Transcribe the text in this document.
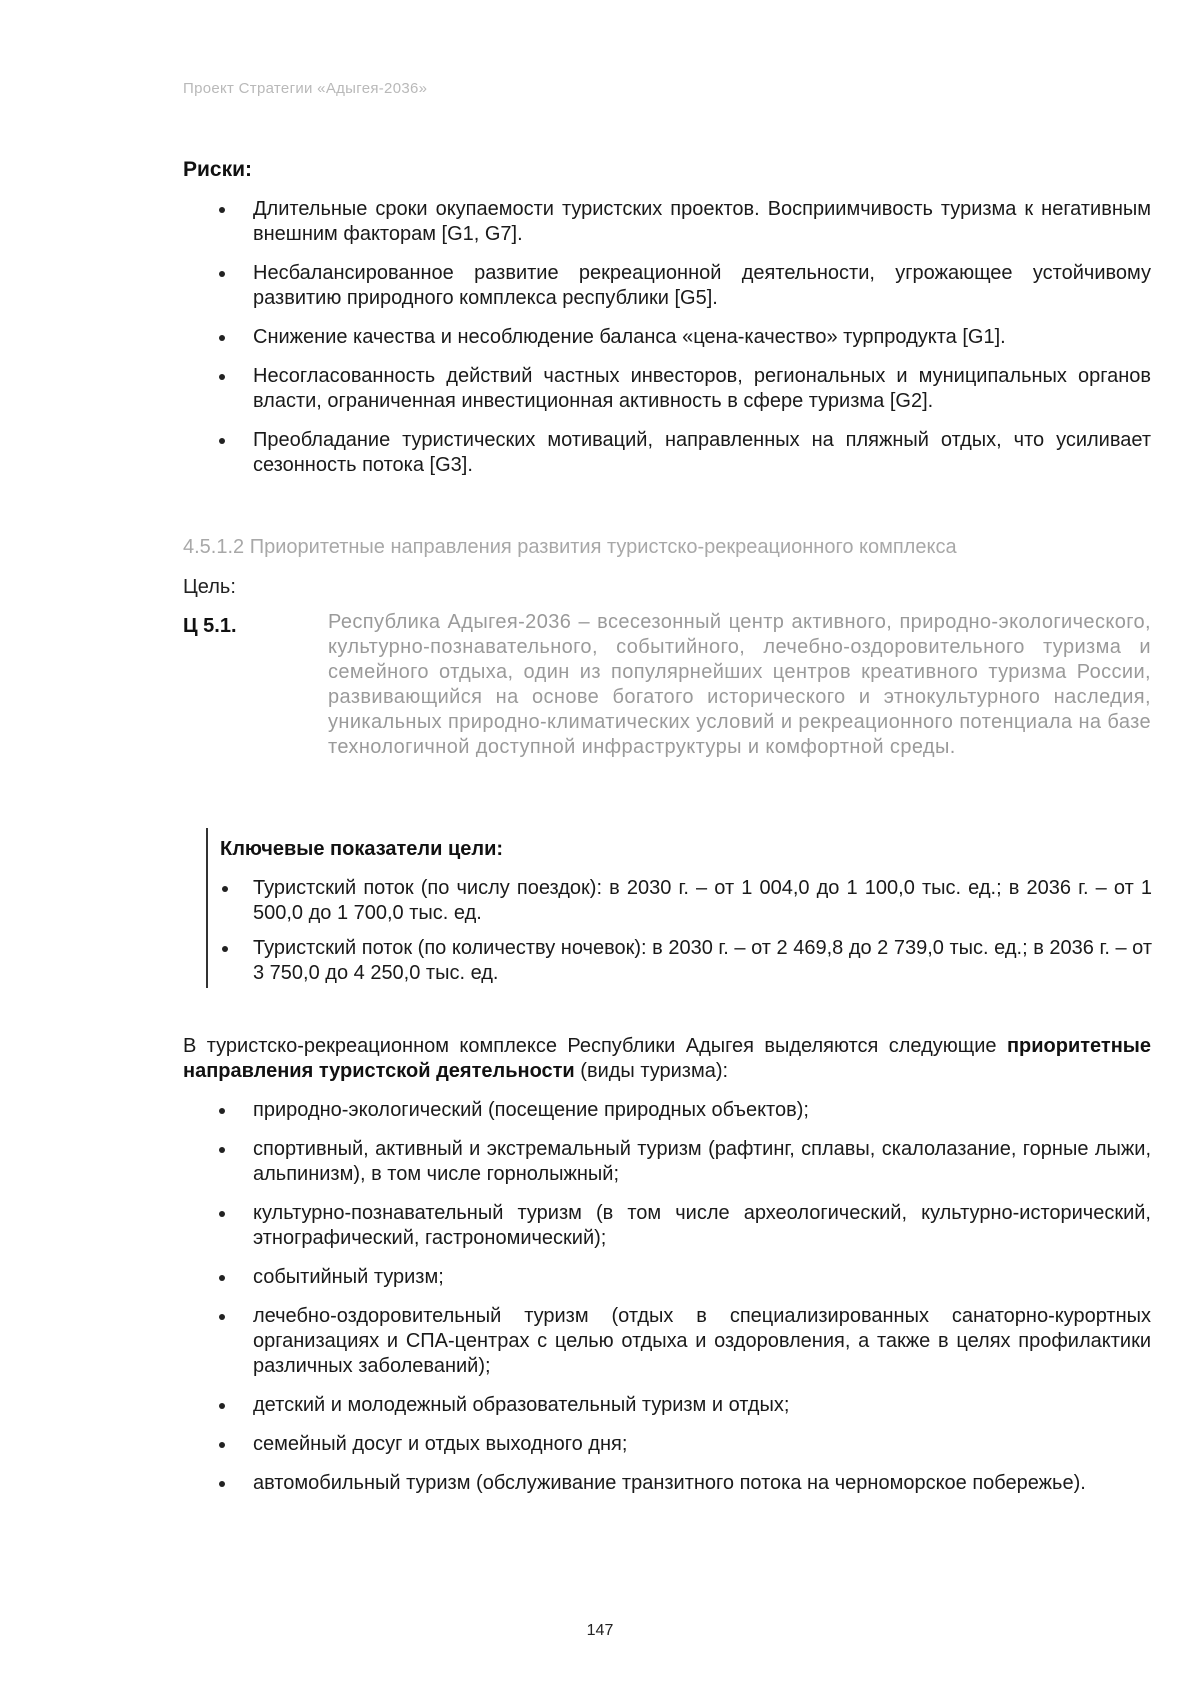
Проект Стратегии «Адыгея-2036»
Риски:
Длительные сроки окупаемости туристских проектов. Восприимчивость туризма к негативным внешним факторам [G1, G7].
Несбалансированное развитие рекреационной деятельности, угрожающее устойчивому развитию природного комплекса республики [G5].
Снижение качества и несоблюдение баланса «цена-качество» турпродукта [G1].
Несогласованность действий частных инвесторов, региональных и муниципальных органов власти, ограниченная инвестиционная активность в сфере туризма [G2].
Преобладание туристических мотиваций, направленных на пляжный отдых, что усиливает сезонность потока [G3].
4.5.1.2 Приоритетные направления развития туристско-рекреационного комплекса
Цель:
Ц 5.1.	Республика Адыгея-2036 – всесезонный центр активного, природно-экологического, культурно-познавательного, событийного, лечебно-оздоровительного туризма и семейного отдыха, один из популярнейших центров креативного туризма России, развивающийся на основе богатого исторического и этнокультурного наследия, уникальных природно-климатических условий и рекреационного потенциала на базе технологичной доступной инфраструктуры и комфортной среды.
Ключевые показатели цели:
Туристский поток (по числу поездок): в 2030 г. – от 1 004,0 до 1 100,0 тыс. ед.; в 2036 г. – от 1 500,0 до 1 700,0 тыс. ед.
Туристский поток (по количеству ночевок): в 2030 г. – от 2 469,8 до 2 739,0 тыс. ед.; в 2036 г. – от 3 750,0 до 4 250,0 тыс. ед.
В туристско-рекреационном комплексе Республики Адыгея выделяются следующие приоритетные направления туристской деятельности (виды туризма):
природно-экологический (посещение природных объектов);
спортивный, активный и экстремальный туризм (рафтинг, сплавы, скалолазание, горные лыжи, альпинизм), в том числе горнолыжный;
культурно-познавательный туризм (в том числе археологический, культурно-исторический, этнографический, гастрономический);
событийный туризм;
лечебно-оздоровительный туризм (отдых в специализированных санаторно-курортных организациях и СПА-центрах с целью отдыха и оздоровления, а также в целях профилактики различных заболеваний);
детский и молодежный образовательный туризм и отдых;
семейный досуг и отдых выходного дня;
автомобильный туризм (обслуживание транзитного потока на черноморское побережье).
147
